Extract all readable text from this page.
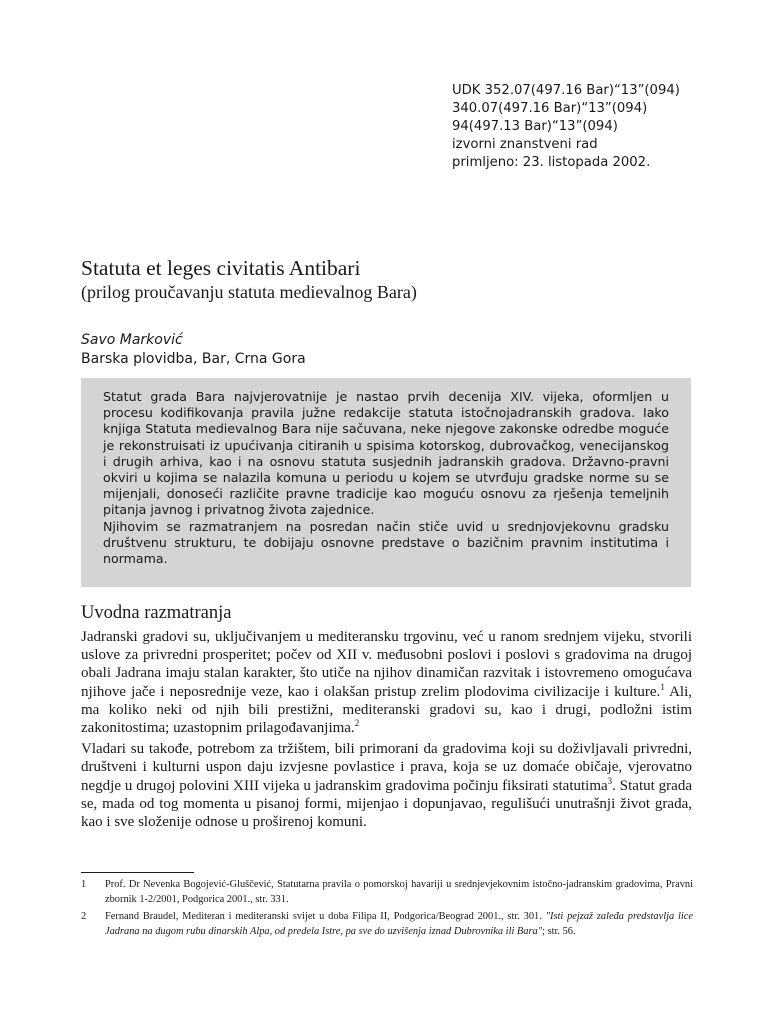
UDK 352.07(497.16 Bar)“13”(094)
340.07(497.16 Bar)“13”(094)
94(497.13 Bar)“13”(094)
izvorni znanstveni rad
primljeno: 23. listopada 2002.
Statuta et leges civitatis Antibari
(prilog proučavanju statuta medievalnog Bara)
Savo Marković
Barska plovidba, Bar, Crna Gora

Statut grada Bara najvjerovatnije je nastao prvih decenija XIV. vijeka, oformljen u procesu kodifikovanja pravila južne redakcije statuta istočnojadranskih gradova. Iako knjiga Statuta medievalnog Bara nije sačuvana, neke njegove zakonske odredbe moguće je rekonstruisati iz upućivanja citiranih u spisima kotorskog, dubrovačkog, venecijanskog i drugih arhiva, kao i na osnovu statuta susjednih jadranskih gradova. Državno-pravni okviri u kojima se nalazila komuna u periodu u kojem se utvrđuju gradske norme su se mijenjali, donoseći različite pravne tradicije kao moguću osnovu za rješenja temeljnih pitanja javnog i privatnog života zajednice.

Njihovim se razmatranjem na posredan način stiče uvid u srednjovjekovnu gradsku društvenu strukturu, te dobijaju osnovne predstave o bazičnim pravnim institutima i normama.

Uvodna razmatranja

Jadranski gradovi su, uključivanjem u mediteransku trgovinu, već u ranom srednjem vijeku, stvorili uslove za privredni prosperitet; počev od XII v. međusobni poslovi i poslovi s gradovima na drugoj obali Jadrana imaju stalan karakter, što utiče na njihov dinamičan razvitak i istovremeno omogućava njihove jače i neposrednije veze, kao i olakšan pristup zrelim plodovima civilizacije i kulture.$^1$ Ali, ma koliko neki od njih bili prestižni, mediteranski gradovi su, kao i drugi, podložni istim zakonitostima; uzastopnim prilagođavanjima.$^2$

Vladari su takođe, potrebom za tržištem, bili primorani da gradovima koji su doživljavali privredni, društveni i kulturni uspon daju izvjesne povlastice i prava, koja se uz domaće običaje, vjerovatno negdje u drugoj polovini XIII vijeka u jadranskim gradovima počinju fiksirati statutima$^3$. Statut grada se, mada od tog momenta u pisanoj formi, mijenjao i dopunjavao, regulišući unutrašnji život grada, kao i sve složenije odnose u proširenoj komuni.

1 Prof. Dr Nevenka Bogojević-Gluščević, Statutarna pravila o pomorskoj havariji u srednjevjekovnim istočno-jadranskim gradovima, Pravni zbornik 1-2/2001, Podgorica 2001., str. 331.
2 Fernand Braudel, Mediteran i mediteranski svijet u doba Filipa II, Podgorica/Beograd 2001., str. 301. "Isti pejzaž zaleđa predstavlja lice Jadrana na dugom rubu dinarskih Alpa, od predela Istre, pa sve do uzvišenja iznad Dubrovnika ili Bara"; str. 56.
